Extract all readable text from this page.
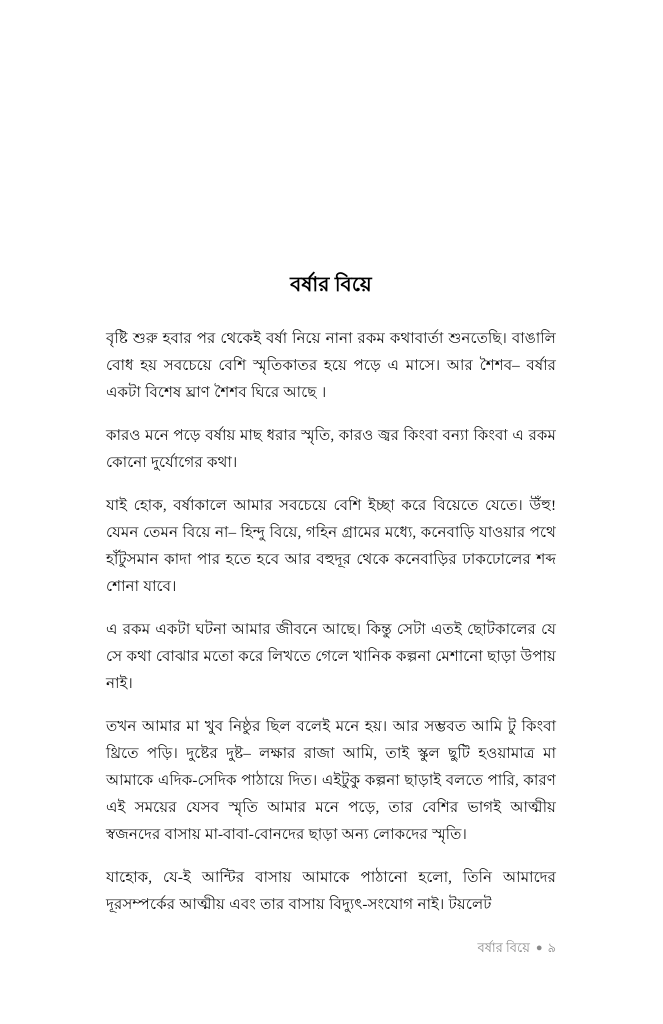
বর্ষার বিয়ে

বৃষ্টি শুরু হবার পর থেকেই বর্ষা নিয়ে নানা রকম কথাবার্তা শুনতেছি। বাঙালি বোধ হয় সবচেয়ে বেশি স্মৃতিকাতর হয়ে পড়ে এ মাসে। আর শৈশব– বর্ষার একটা বিশেষ ঘ্রাণ শৈশব ঘিরে আছে ।

কারও মনে পড়ে বর্ষায় মাছ ধরার স্মৃতি, কারও জ্বর কিংবা বন্যা কিংবা এ রকম কোনো দুর্যোগের কথা।

যাই হোক, বর্ষাকালে আমার সবচেয়ে বেশি ইচ্ছা করে বিয়েতে যেতে। উঁহু! যেমন তেমন বিয়ে না– হিন্দু বিয়ে, গহিন গ্রামের মধ্যে, কনেবাড়ি যাওয়ার পথে হাঁটুসমান কাদা পার হতে হবে আর বহুদূর থেকে কনেবাড়ির ঢাকঢোলের শব্দ শোনা যাবে।

এ রকম একটা ঘটনা আমার জীবনে আছে। কিন্তু সেটা এতই ছোটকালের যে সে কথা বোঝার মতো করে লিখতে গেলে খানিক কল্পনা মেশানো ছাড়া উপায় নাই।

তখন আমার মা খুব নিষ্ঠুর ছিল বলেই মনে হয়। আর সম্ভবত আমি টু কিংবা থ্রিতে পড়ি। দুষ্টের দুষ্ট– লক্ষার রাজা আমি, তাই স্কুল ছুটি হওয়ামাত্র মা আমাকে এদিক-সেদিক পাঠায়ে দিত। এইটুকু কল্পনা ছাড়াই বলতে পারি, কারণ এই সময়ের যেসব স্মৃতি আমার মনে পড়ে, তার বেশির ভাগই আত্মীয় স্বজনদের বাসায় মা-বাবা-বোনদের ছাড়া অন্য লোকদের স্মৃতি।

যাহোক, যে-ই আন্টির বাসায় আমাকে পাঠানো হলো, তিনি আমাদের দূরসম্পর্কের আত্মীয় এবং তার বাসায় বিদ্যুৎ-সংযোগ নাই। টয়লেট

বর্ষার বিয়ে ● ৯
